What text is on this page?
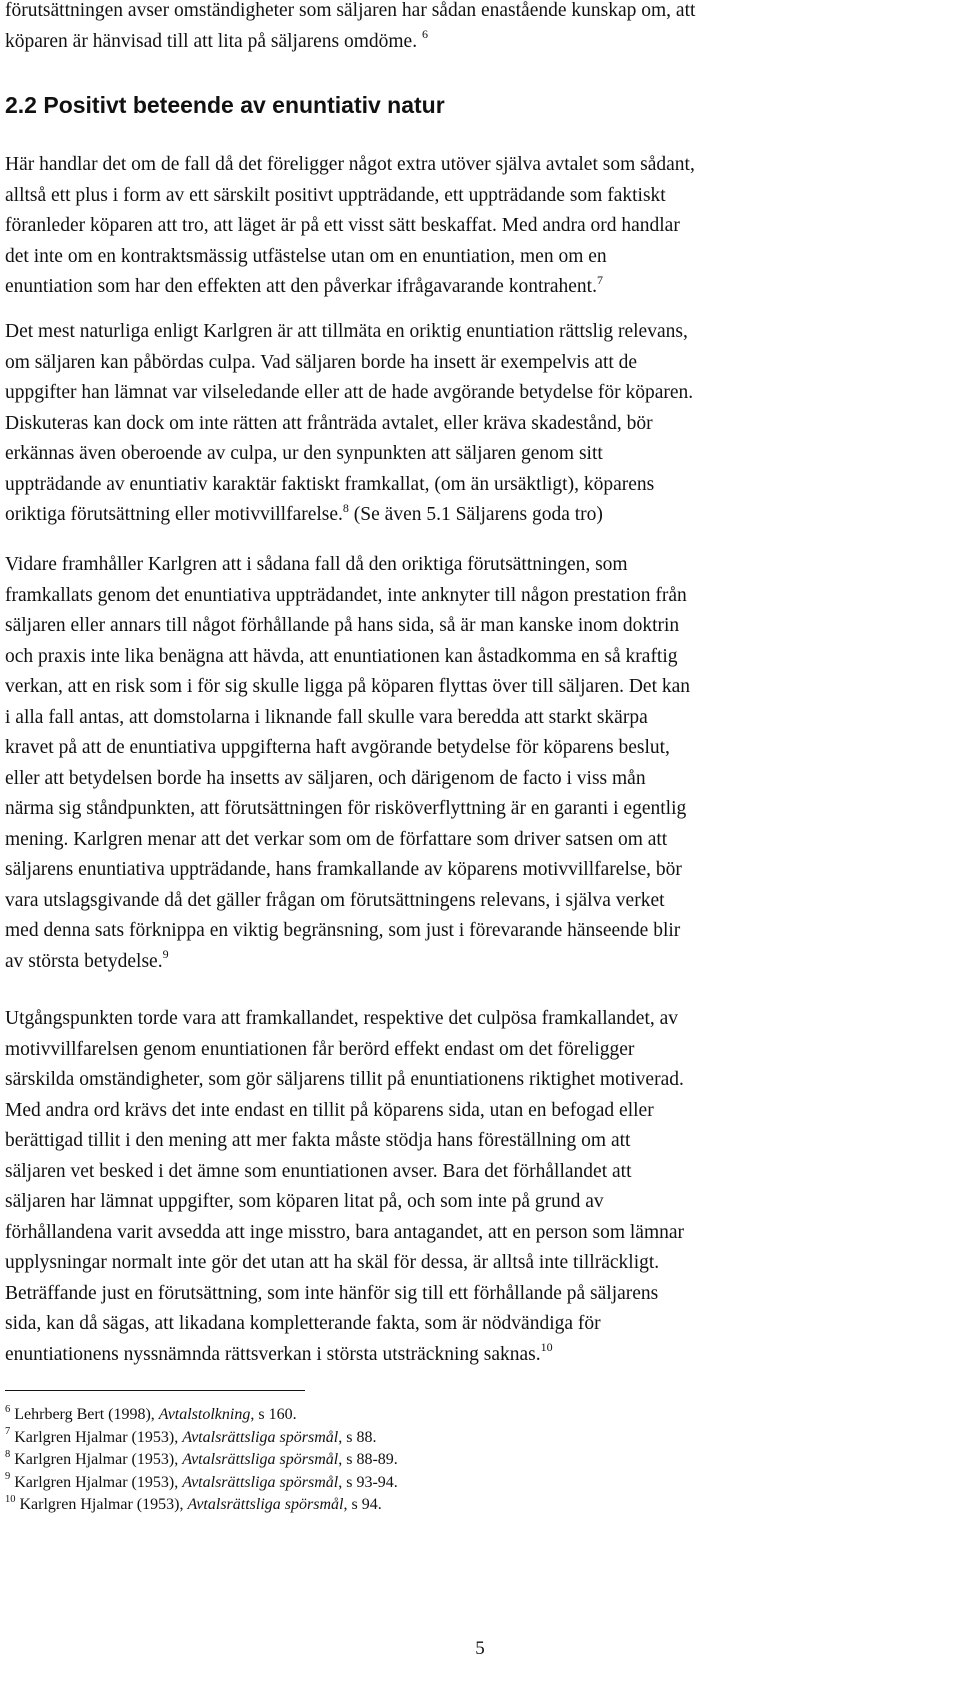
förutsättningen avser omständigheter som säljaren har sådan enastående kunskap om, att
köparen är hänvisad till att lita på säljarens omdöme. $^6$

2.2 Positivt beteende av enuntiativ natur

Här handlar det om de fall då det föreligger något extra utöver själva avtalet som sådant,
alltså ett plus i form av ett särskilt positivt uppträdande, ett uppträdande som faktiskt
föranleder köparen att tro, att läget är på ett visst sätt beskaffat. Med andra ord handlar
det inte om en kontraktsmässig utfästelse utan om en enuntiation, men om en
enuntiation som har den effekten att den påverkar ifrågavarande kontrahent.$^7$

Det mest naturliga enligt Karlgren är att tillmäta en oriktig enuntiation rättslig relevans,
om säljaren kan påbördas culpa. Vad säljaren borde ha insett är exempelvis att de
uppgifter han lämnat var vilseledande eller att de hade avgörande betydelse för köparen.
Diskuteras kan dock om inte rätten att frånträda avtalet, eller kräva skadestånd, bör
erkännas även oberoende av culpa, ur den synpunkten att säljaren genom sitt
uppträdande av enuntiativ karaktär faktiskt framkallat, (om än ursäktligt), köparens
oriktiga förutsättning eller motivvillfarelse.$^8$ (Se även 5.1 Säljarens goda tro)

Vidare framhåller Karlgren att i sådana fall då den oriktiga förutsättningen, som
framkallats genom det enuntiativa uppträdandet, inte anknyter till någon prestation från
säljaren eller annars till något förhållande på hans sida, så är man kanske inom doktrin
och praxis inte lika benägna att hävda, att enuntiationen kan åstadkomma en så kraftig
verkan, att en risk som i för sig skulle ligga på köparen flyttas över till säljaren. Det kan
i alla fall antas, att domstolarna i liknande fall skulle vara beredda att starkt skärpa
kravet på att de enuntiativa uppgifterna haft avgörande betydelse för köparens beslut,
eller att betydelsen borde ha insetts av säljaren, och därigenom de facto i viss mån
närma sig ståndpunkten, att förutsättningen för risköverflyttning är en garanti i egentlig
mening. Karlgren menar att det verkar som om de författare som driver satsen om att
säljarens enuntiativa uppträdande, hans framkallande av köparens motivvillfarelse, bör
vara utslagsgivande då det gäller frågan om förutsättningens relevans, i själva verket
med denna sats förknippa en viktig begränsning, som just i förevarande hänseende blir
av största betydelse.$^9$

Utgångspunkten torde vara att framkallandet, respektive det culpösa framkallandet, av
motivvillfarelsen genom enuntiationen får berörd effekt endast om det föreligger
särskilda omständigheter, som gör säljarens tillit på enuntiationens riktighet motiverad.
Med andra ord krävs det inte endast en tillit på köparens sida, utan en befogad eller
berättigad tillit i den mening att mer fakta måste stödja hans föreställning om att
säljaren vet besked i det ämne som enuntiationen avser. Bara det förhållandet att
säljaren har lämnat uppgifter, som köparen litat på, och som inte på grund av
förhållandena varit avsedda att inge misstro, bara antagandet, att en person som lämnar
upplysningar normalt inte gör det utan att ha skäl för dessa, är alltså inte tillräckligt.
Beträffande just en förutsättning, som inte hänför sig till ett förhållande på säljarens
sida, kan då sägas, att likadana kompletterande fakta, som är nödvändiga för
enuntiationens nyssnämnda rättsverkan i största utsträckning saknas.$^{10}$

$^6$ Lehrberg Bert (1998), Avtalstolkning, s 160.
$^7$ Karlgren Hjalmar (1953), Avtalsrättsliga spörsmål, s 88.
$^8$ Karlgren Hjalmar (1953), Avtalsrättsliga spörsmål, s 88-89.
$^9$ Karlgren Hjalmar (1953), Avtalsrättsliga spörsmål, s 93-94.
$^{10}$ Karlgren Hjalmar (1953), Avtalsrättsliga spörsmål, s 94.
5
